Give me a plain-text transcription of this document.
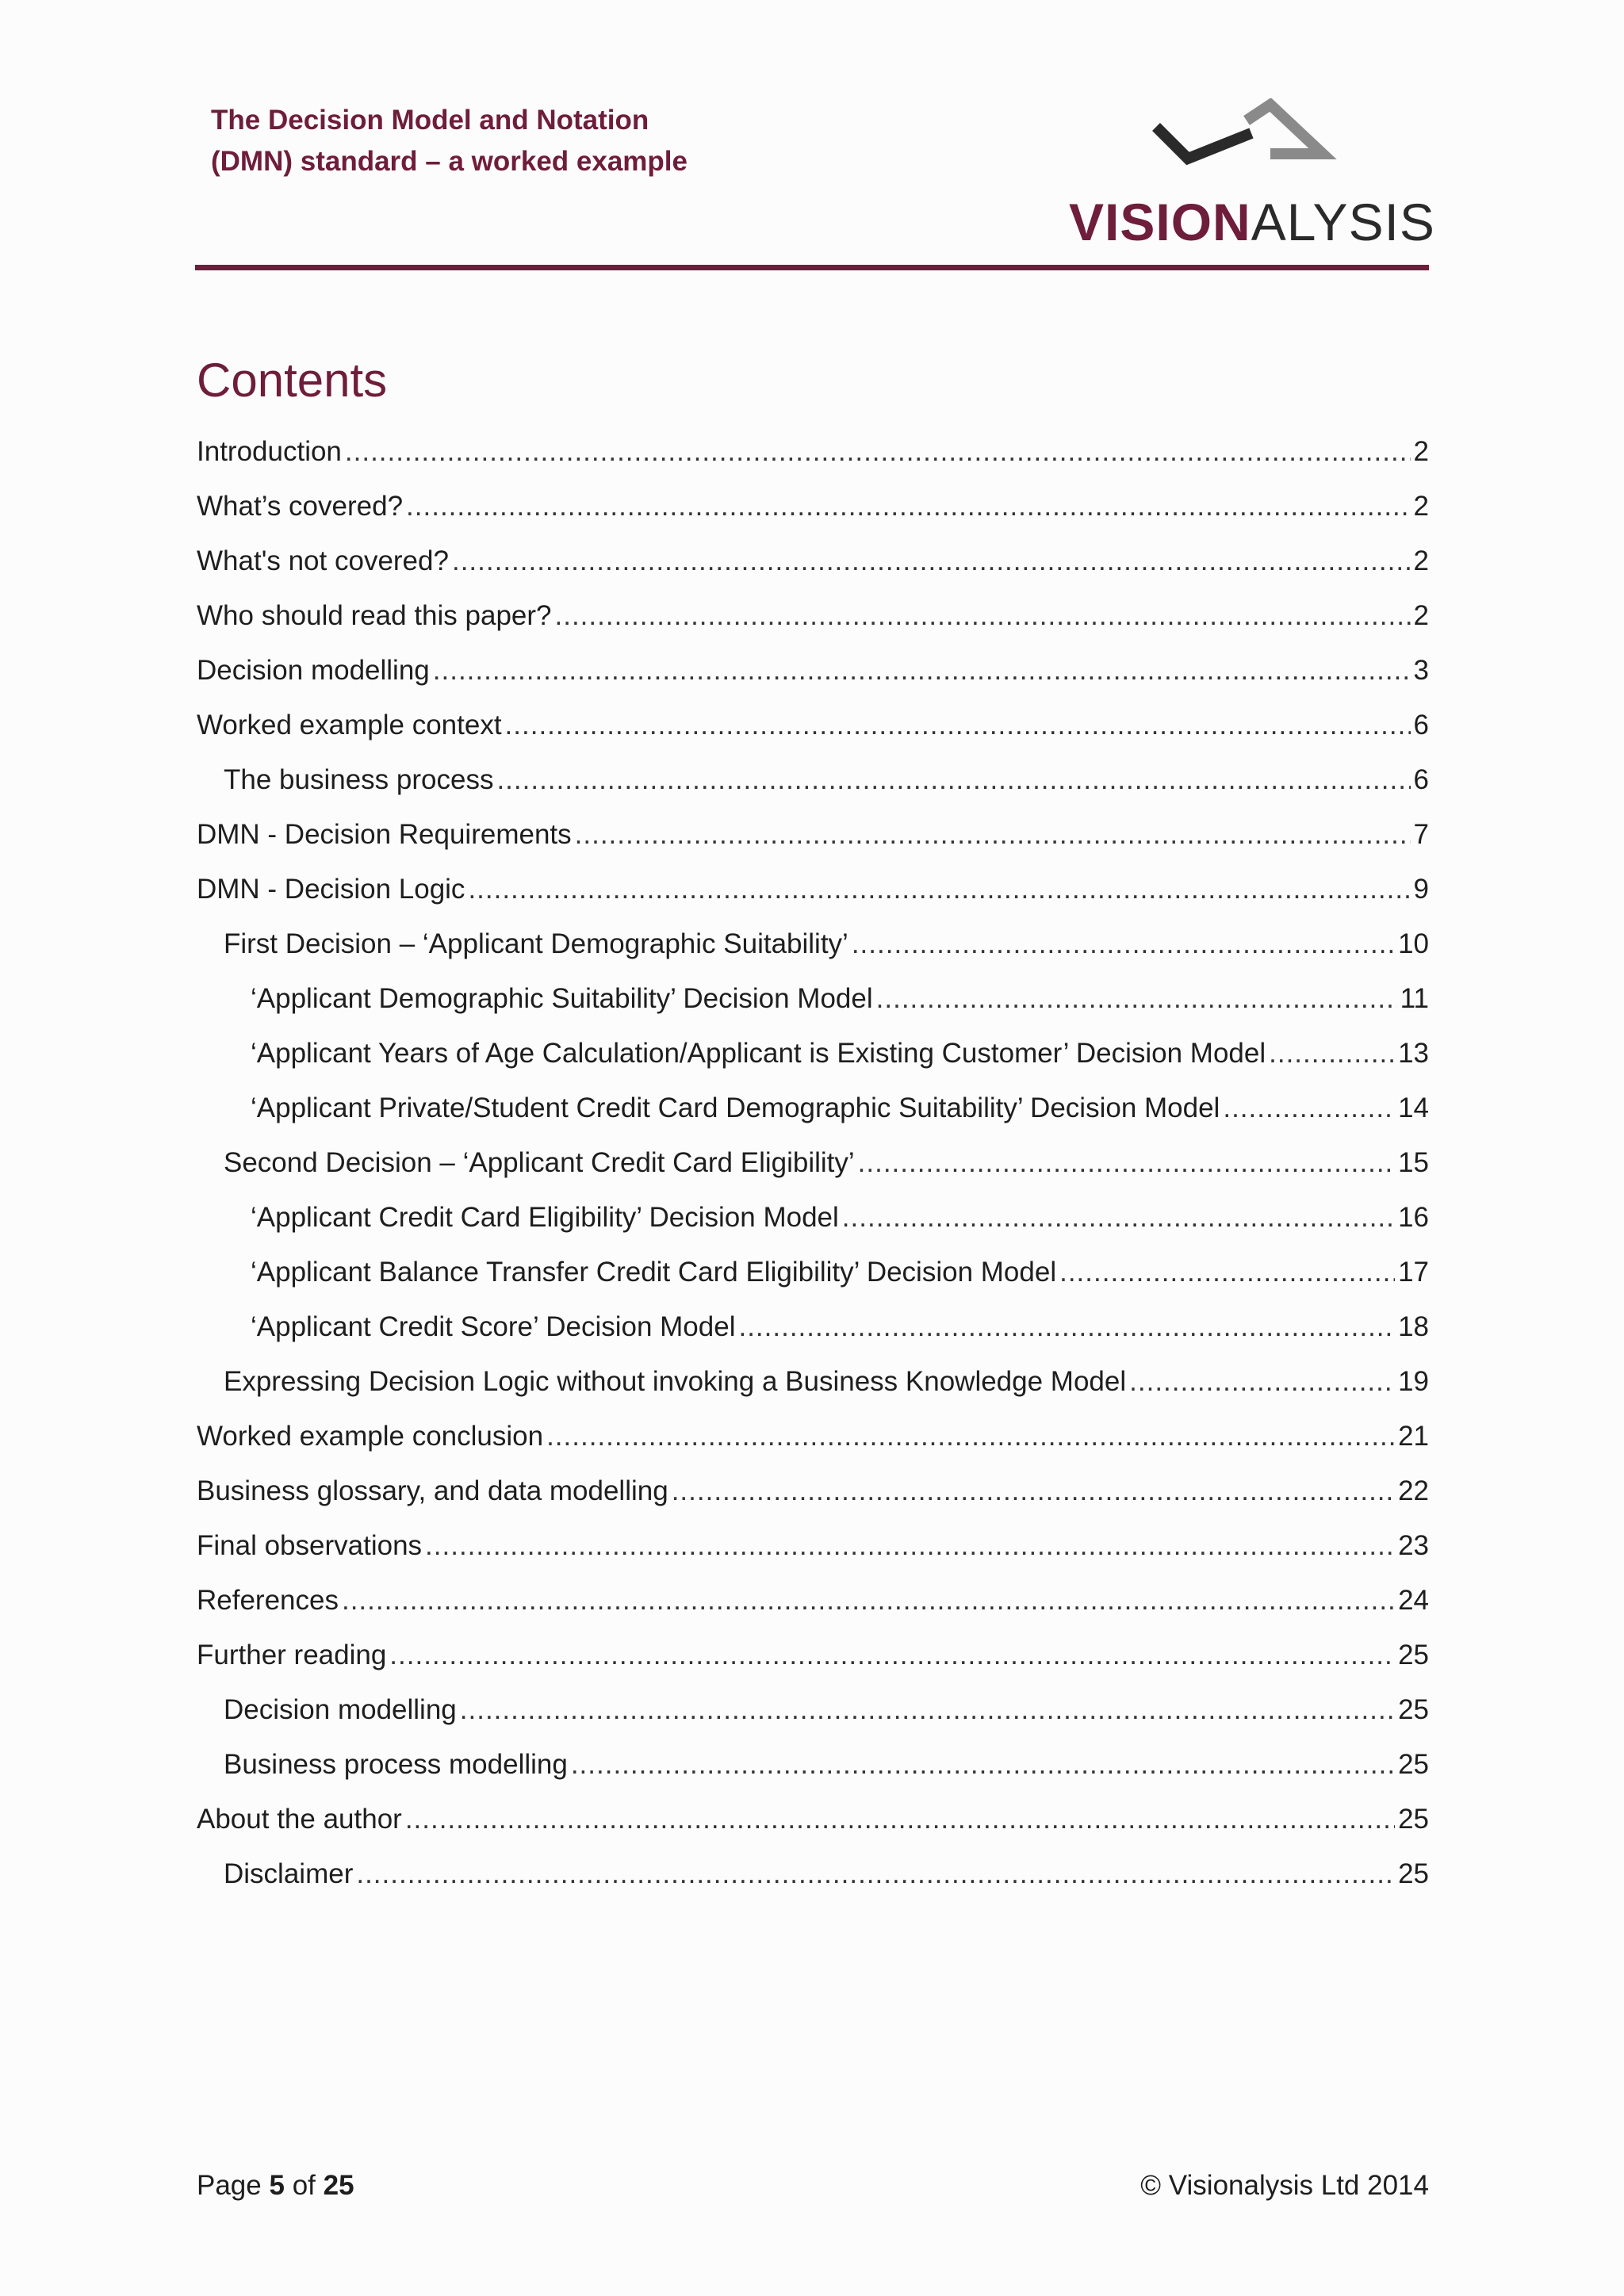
The Decision Model and Notation
(DMN) standard – a worked example
VISIONALYSIS
Contents
Introduction .....	2
What’s covered? .....	2
What's not covered? .....	2
Who should read this paper? .....	2
Decision modelling .....	3
Worked example context .....	6
The business process .....	6
DMN - Decision Requirements .....	7
DMN - Decision Logic .....	9
First Decision – ‘Applicant Demographic Suitability’ .....	10
‘Applicant Demographic Suitability’ Decision Model .....	11
‘Applicant Years of Age Calculation/Applicant is Existing Customer’ Decision Model .....	13
‘Applicant Private/Student Credit Card Demographic Suitability’ Decision Model .....	14
Second Decision – ‘Applicant Credit Card Eligibility’ .....	15
‘Applicant Credit Card Eligibility’ Decision Model .....	16
‘Applicant Balance Transfer Credit Card Eligibility’ Decision Model .....	17
‘Applicant Credit Score’ Decision Model .....	18
Expressing Decision Logic without invoking a Business Knowledge Model .....	19
Worked example conclusion .....	21
Business glossary, and data modelling .....	22
Final observations .....	23
References .....	24
Further reading .....	25
Decision modelling .....	25
Business process modelling .....	25
About the author .....	25
Disclaimer .....	25
Page 5 of 25	© Visionalysis Ltd 2014
